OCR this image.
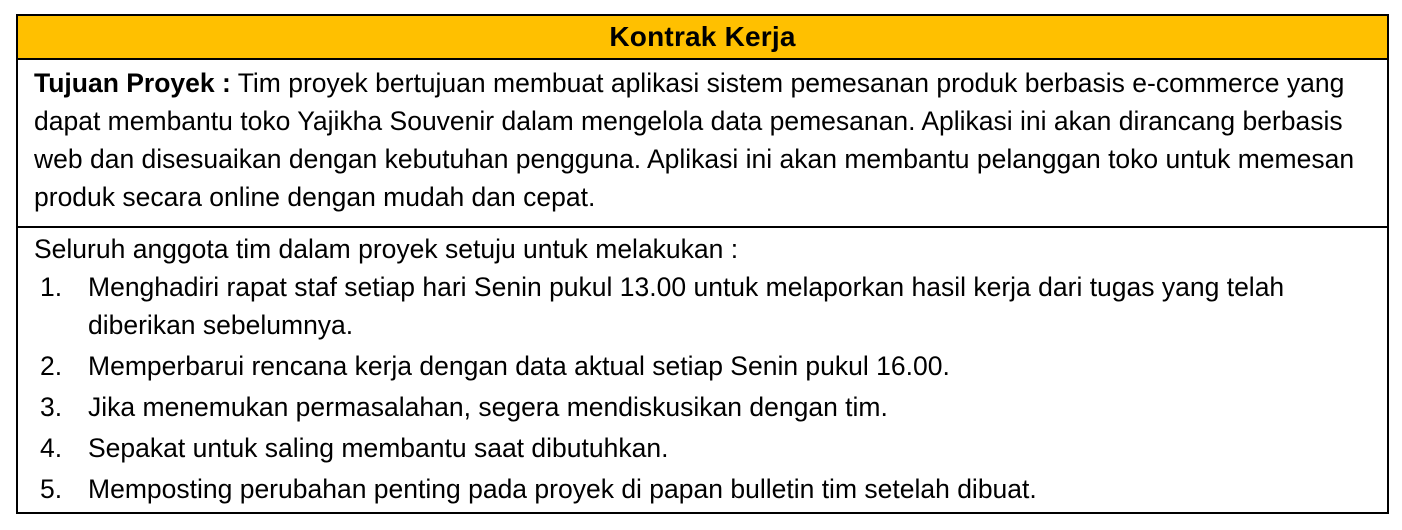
Kontrak Kerja
Tujuan Proyek : Tim proyek bertujuan membuat aplikasi sistem pemesanan produk berbasis e-commerce yang dapat membantu toko Yajikha Souvenir dalam mengelola data pemesanan. Aplikasi ini akan dirancang berbasis web dan disesuaikan dengan kebutuhan pengguna. Aplikasi ini akan membantu pelanggan toko untuk memesan produk secara online dengan mudah dan cepat.

Seluruh anggota tim dalam proyek setuju untuk melakukan :

1. Menghadiri rapat staf setiap hari Senin pukul 13.00 untuk melaporkan hasil kerja dari tugas yang telah diberikan sebelumnya.
2. Memperbarui rencana kerja dengan data aktual setiap Senin pukul 16.00.
3. Jika menemukan permasalahan, segera mendiskusikan dengan tim.
4. Sepakat untuk saling membantu saat dibutuhkan.
5. Memposting perubahan penting pada proyek di papan bulletin tim setelah dibuat.
